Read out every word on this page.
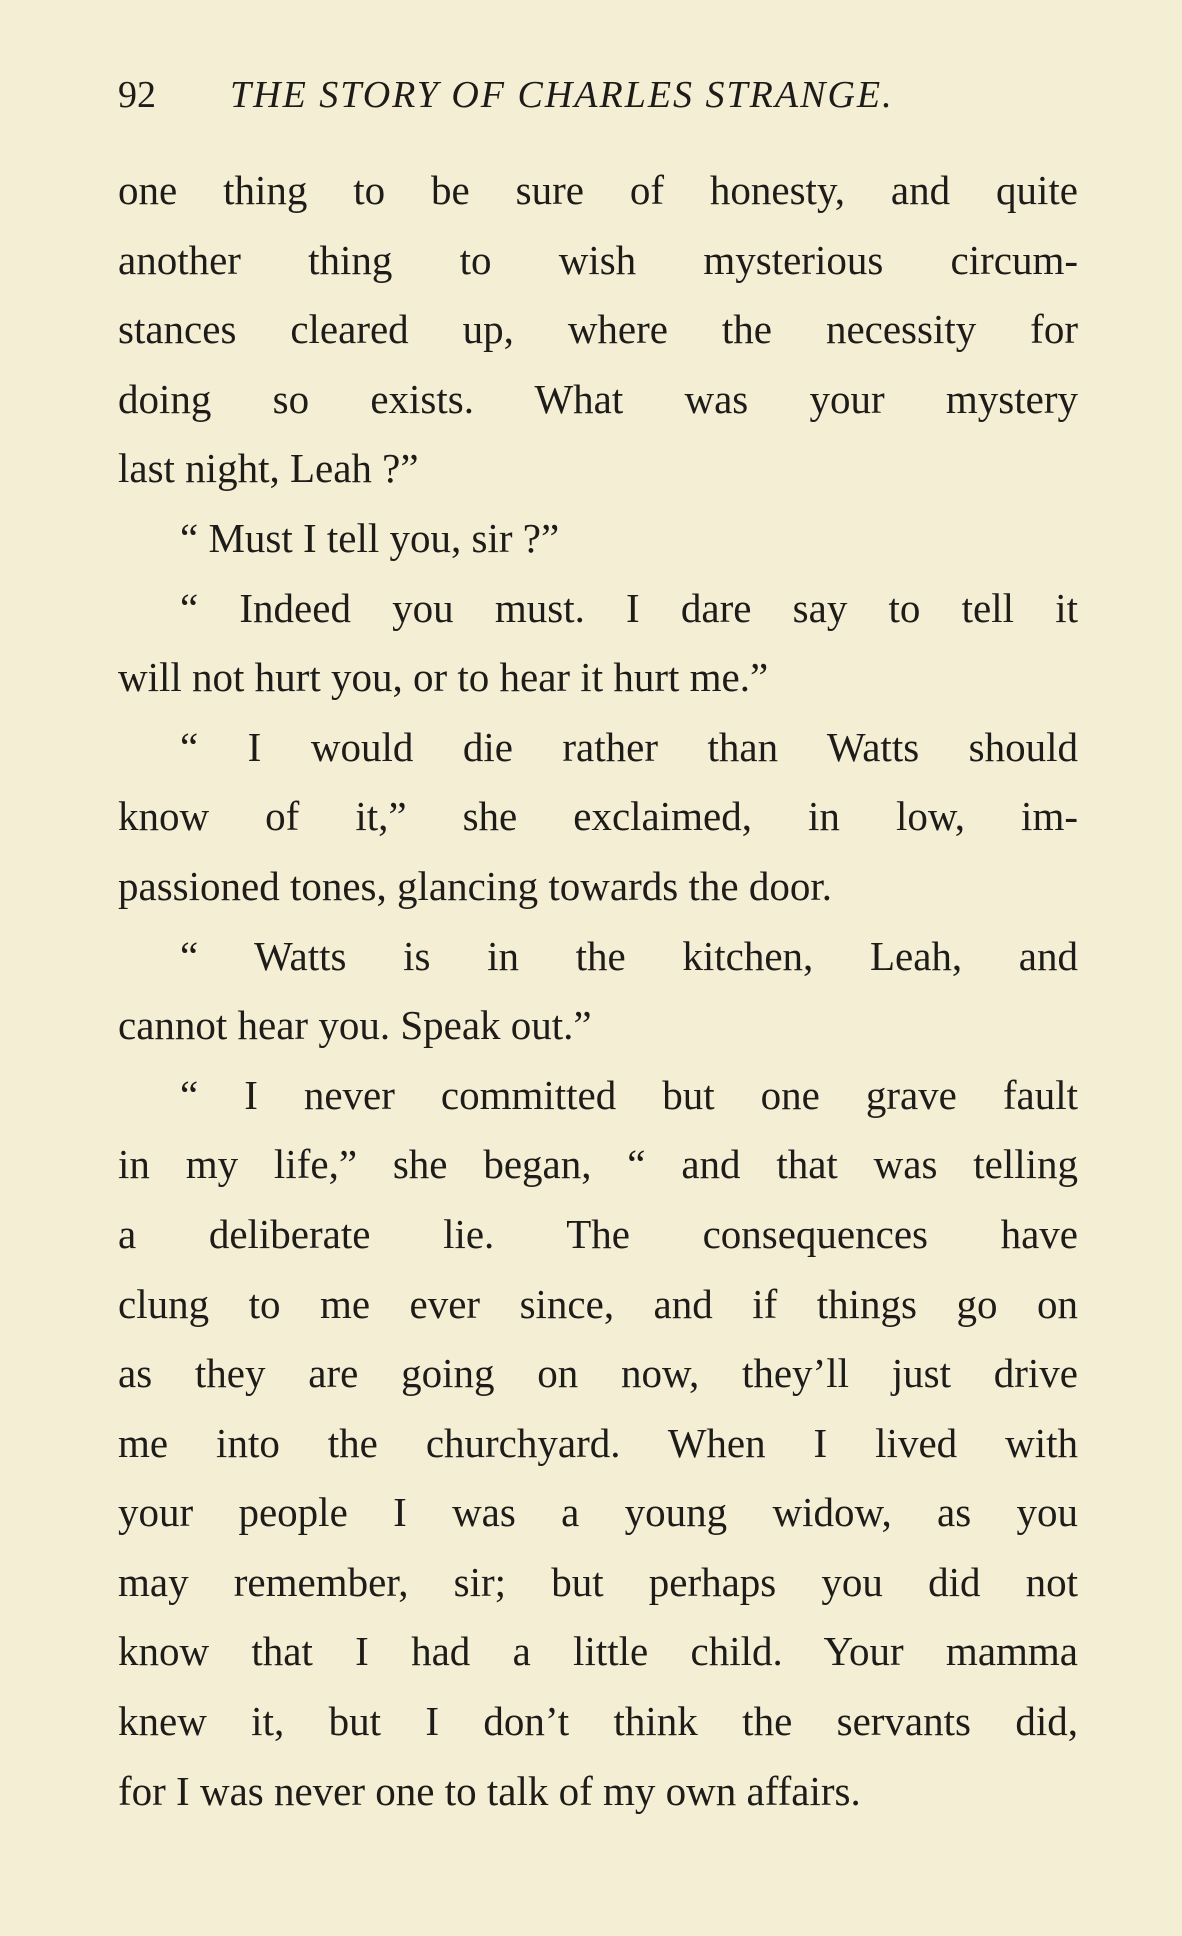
92 THE STORY OF CHARLES STRANGE.
one thing to be sure of honesty, and quite
another thing to wish mysterious circum-
stances cleared up, where the necessity for
doing so exists. What was your mystery
last night, Leah ?”
“ Must I tell you, sir ?”
“ Indeed you must. I dare say to tell it
will not hurt you, or to hear it hurt me.”
“ I would die rather than Watts should
know of it,” she exclaimed, in low, im-
passioned tones, glancing towards the door.
“ Watts is in the kitchen, Leah, and
cannot hear you. Speak out.”
“ I never committed but one grave fault
in my life,” she began, “ and that was telling
a deliberate lie. The consequences have
clung to me ever since, and if things go on
as they are going on now, they’ll just drive
me into the churchyard. When I lived with
your people I was a young widow, as you
may remember, sir; but perhaps you did not
know that I had a little child. Your mamma
knew it, but I don’t think the servants did,
for I was never one to talk of my own affairs.
